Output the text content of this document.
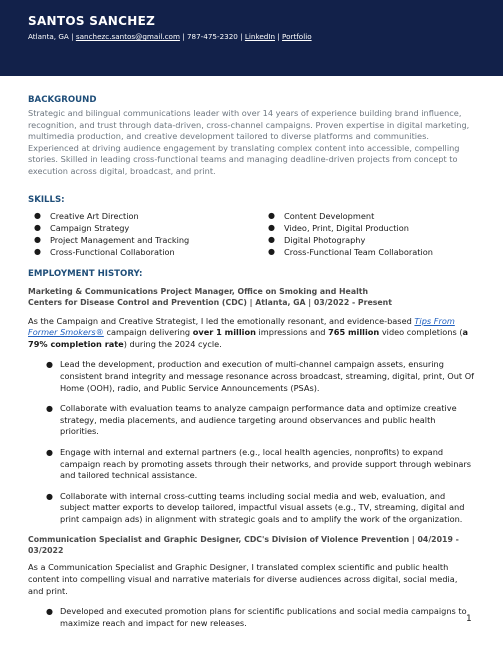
SANTOS SANCHEZ
Atlanta, GA | sanchezc.santos@gmail.com | 787-475-2320 | LinkedIn | Portfolio
BACKGROUND
Strategic and bilingual communications leader with over 14 years of experience building brand influence, recognition, and trust through data-driven, cross-channel campaigns. Proven expertise in digital marketing, multimedia production, and creative development tailored to diverse platforms and communities. Experienced at driving audience engagement by translating complex content into accessible, compelling stories. Skilled in leading cross-functional teams and managing deadline-driven projects from concept to execution across digital, broadcast, and print.
SKILLS:
●	Creative Art Direction
●	Campaign Strategy
●	Project Management and Tracking
●	Cross-Functional Collaboration
●	Content Development
●	Video, Print, Digital Production
●	Digital Photography
●	Cross-Functional Team Collaboration
EMPLOYMENT HISTORY:
Marketing & Communications Project Manager, Office on Smoking and Health
Centers for Disease Control and Prevention (CDC) | Atlanta, GA | 03/2022 - Present
As the Campaign and Creative Strategist, I led the emotionally resonant, and evidence-based Tips From Former Smokers® campaign delivering over 1 million impressions and 765 million video completions (a 79% completion rate) during the 2024 cycle.
● Lead the development, production and execution of multi-channel campaign assets, ensuring consistent brand integrity and message resonance across broadcast, streaming, digital, print, Out Of Home (OOH), radio, and Public Service Announcements (PSAs).
● Collaborate with evaluation teams to analyze campaign performance data and optimize creative strategy, media placements, and audience targeting around observances and public health priorities.
● Engage with internal and external partners (e.g., local health agencies, nonprofits) to expand campaign reach by promoting assets through their networks, and provide support through webinars and tailored technical assistance.
● Collaborate with internal cross-cutting teams including social media and web, evaluation, and subject matter exports to develop tailored, impactful visual assets (e.g., TV, streaming, digital and print campaign ads) in alignment with strategic goals and to amplify the work of the organization.
Communication Specialist and Graphic Designer, CDC's Division of Violence Prevention | 04/2019 - 03/2022
As a Communication Specialist and Graphic Designer, I translated complex scientific and public health content into compelling visual and narrative materials for diverse audiences across digital, social media, and print.
● Developed and executed promotion plans for scientific publications and social media campaigns to maximize reach and impact for new releases.	1
